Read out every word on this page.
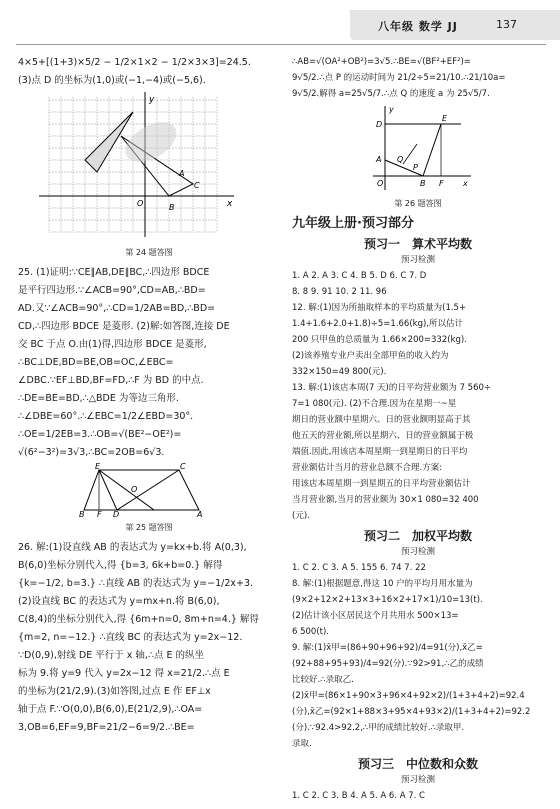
八年级 数学 JJ	137
4×5+[(1+3)×5/2 − 1/2×1×2 − 1/2×3×3]=24.5.
(3)点 D 的坐标为(1,0)或(−1,−4)或(−5,6).
y
x
O
A
C
B
第 24 题答图
25. (1)证明:∵CE∥AB,DE∥BC,∴四边形 BDCE
是平行四边形.∵∠ACB=90°,CD=AB,∴BD=
AD.又∵∠ACB=90°,∴CD=1/2AB=BD,∴BD=
CD,∴四边形 BDCE 是菱形. (2)解:如答图,连接 DE
交 BC 于点 O.由(1)得,四边形 BDCE 是菱形,
∴BC⊥DE,BD=BE,OB=OC,∠EBC=
∠DBC.∵EF⊥BD,BF=FD,∴F 为 BD 的中点.
∴DE=BE=BD,∴△BDE 为等边三角形.
∴∠DBE=60°.∴∠EBC=1/2∠EBD=30°.
∴OE=1/2EB=3.∴OB=√(BE²−OE²)=
√(6²−3²)=3√3,∴BC=2OB=6√3.
E	C
O
D
B F	A
第 25 题答图
26. 解:(1)设直线 AB 的表达式为 y=kx+b.将 A(0,3),
B(6,0)坐标分别代入,得 {b=3, 6k+b=0.} 解得
{k=−1/2, b=3.} ∴直线 AB 的表达式为 y=−1/2x+3.
(2)设直线 BC 的表达式为 y=mx+n.将 B(6,0),
C(8,4)的坐标分别代入,得 {6m+n=0, 8m+n=4.} 解得
{m=2, n=−12.} ∴直线 BC 的表达式为 y=2x−12.
∵D(0,9),射线 DE 平行于 x 轴,∴点 E 的纵坐
标为 9.将 y=9 代入 y=2x−12 得 x=21/2.∴点 E
的坐标为(21/2,9).(3)如答图,过点 E 作 EF⊥x
轴于点 F.∵O(0,0),B(6,0),E(21/2,9),∴OA=
3,OB=6,EF=9,BF=21/2−6=9/2.∴BE=
∴AB=√(OA²+OB²)=3√5.∴BE=√(BF²+EF²)=
9√5/2.∴点 P 的运动时间为 21/2÷5=21/10.∴21/10a=
9√5/2.解得 a=25√5/7.∴点 Q 的速度 a 为 25√5/7.
y
D
E
A Q
P
O	B F x
第 26 题答图
九年级上册·预习部分
预习一　算术平均数
预习检测
1. A 2. A 3. C 4. B 5. D 6. C 7. D
8. 8 9. 91 10. 2 11. 96
12. 解:(1)因为所抽取样本的平均质量为(1.5+
1.4+1.6+2.0+1.8)÷5=1.66(kg),所以估计
200 只甲鱼的总质量为 1.66×200=332(kg).
(2)该养殖专业户卖出全部甲鱼的收入约为
332×150=49 800(元).
13. 解:(1)该店本周(7 天)的日平均营业额为 7 560÷
7=1 080(元). (2)不合理.因为在星期一~星
期日的营业额中星期六、日的营业额明显高于其
他五天的营业额,所以星期六、日的营业额属于极
端值.因此,用该店本周星期一到星期日的日平均
营业额估计当月的营业总额不合理.方案:
用该店本周星期一到星期五的日平均营业额估计
当月营业额,当月的营业额为 30×1 080=32 400
(元).
预习二　加权平均数
预习检测
1. C 2. C 3. A 5. 155 6. 74 7. 22
8. 解:(1)根据题意,得这 10 户的平均月用水量为
(9×2+12×2+13×3+16×2+17×1)/10=13(t).
(2)估计该小区居民这个月共用水 500×13=
6 500(t).
9. 解:(1)x̄甲=(86+90+96+92)/4=91(分),x̄乙=
(92+88+95+93)/4=92(分).∵92>91,∴乙的成绩
比较好.∴录取乙.
(2)x̄甲=(86×1+90×3+96×4+92×2)/(1+3+4+2)=92.4
(分),x̄乙=(92×1+88×3+95×4+93×2)/(1+3+4+2)=92.2
(分).∵92.4>92.2,∴甲的成绩比较好.∴录取甲.
录取.
预习三　中位数和众数
预习检测
1. C 2. C 3. B 4. A 5. A 6. A 7. C
